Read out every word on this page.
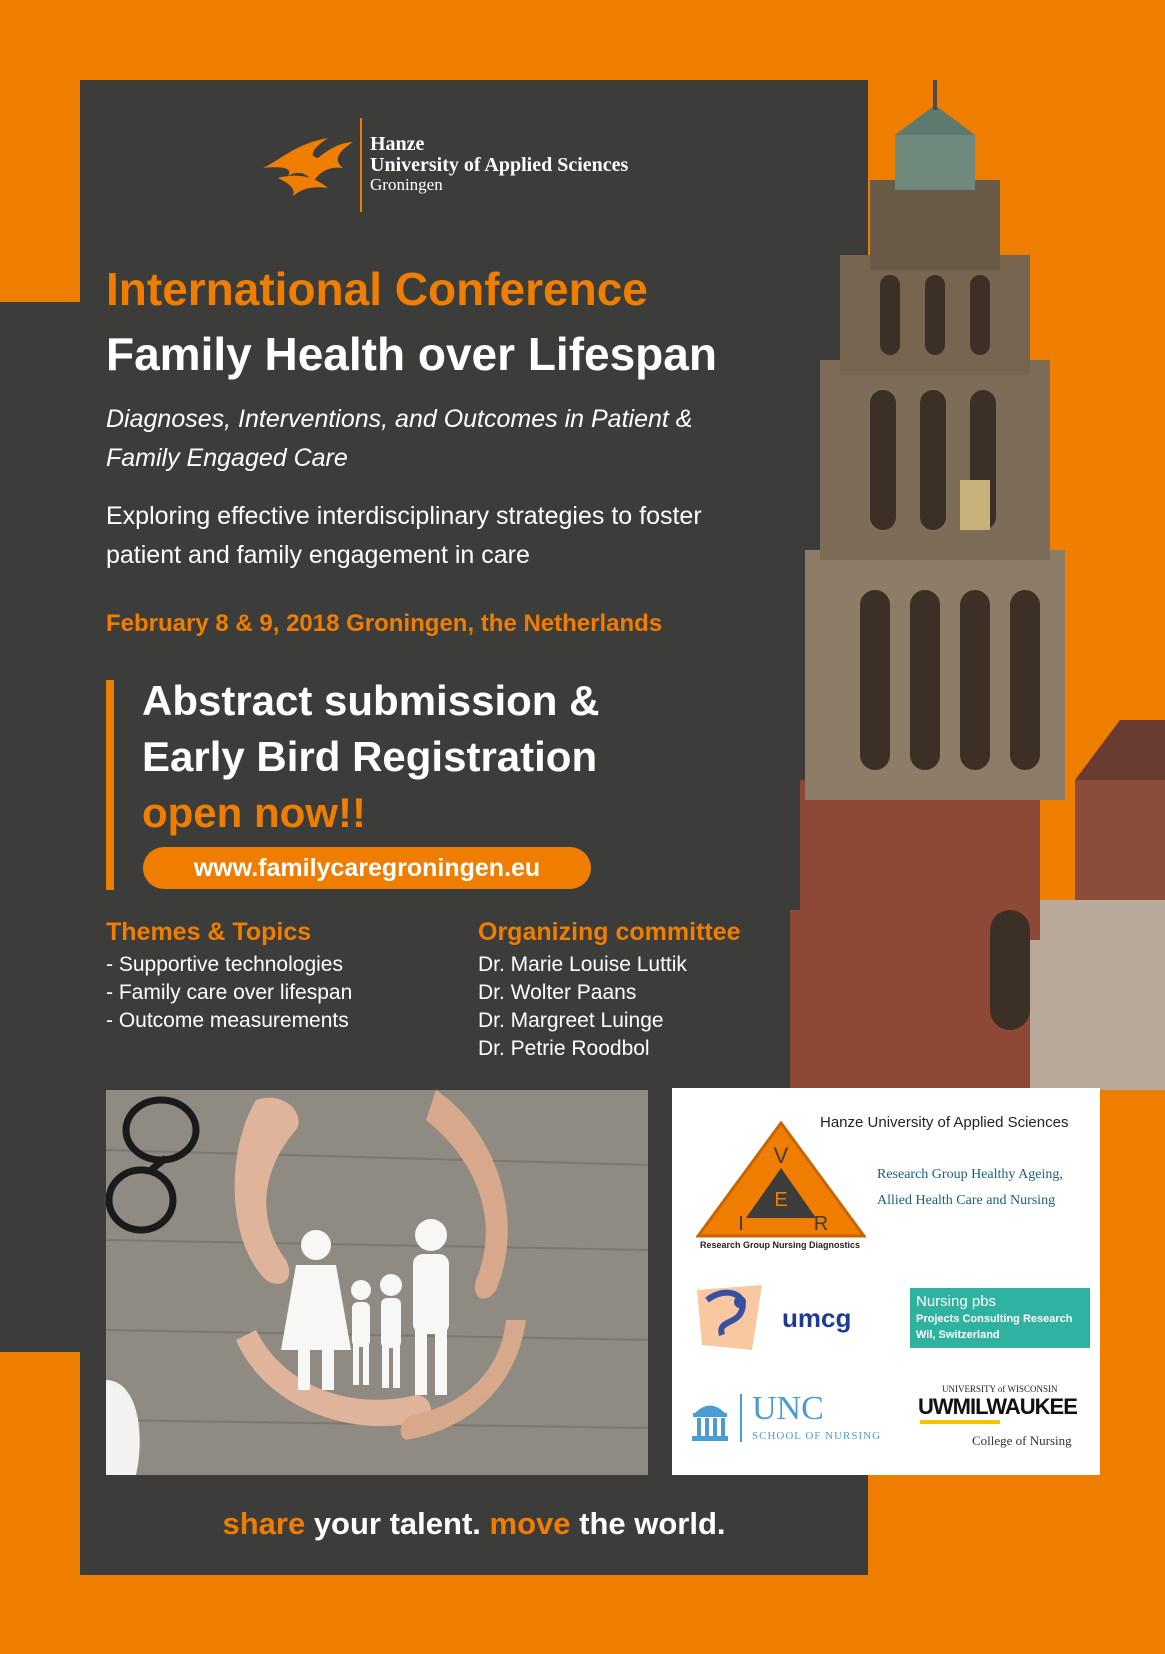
Hanze
University of Applied Sciences
Groningen
International Conference
Family Health over Lifespan
Diagnoses, Interventions, and Outcomes in Patient &
Family Engaged Care
Exploring effective interdisciplinary strategies to foster
patient and family engagement in care
February 8 & 9, 2018 Groningen, the Netherlands
Abstract submission &
Early Bird Registration
open now!!
www.familycaregroningen.eu
Themes & Topics
- Supportive technologies
- Family care over lifespan
- Outcome measurements
Organizing committee
Dr. Marie Louise Luttik
Dr. Wolter Paans
Dr. Margreet Luinge
Dr. Petrie Roodbol
Hanze University of Applied Sciences
V
E
I	R
Research Group Nursing Diagnostics
Research Group Healthy Ageing,
Allied Health Care and Nursing
umcg
Nursing pbs
Projects Consulting Research
Wil, Switzerland
UNC
SCHOOL OF NURSING
UNIVERSITY of WISCONSIN
UWMILWAUKEE
College of Nursing
share your talent. move the world.
